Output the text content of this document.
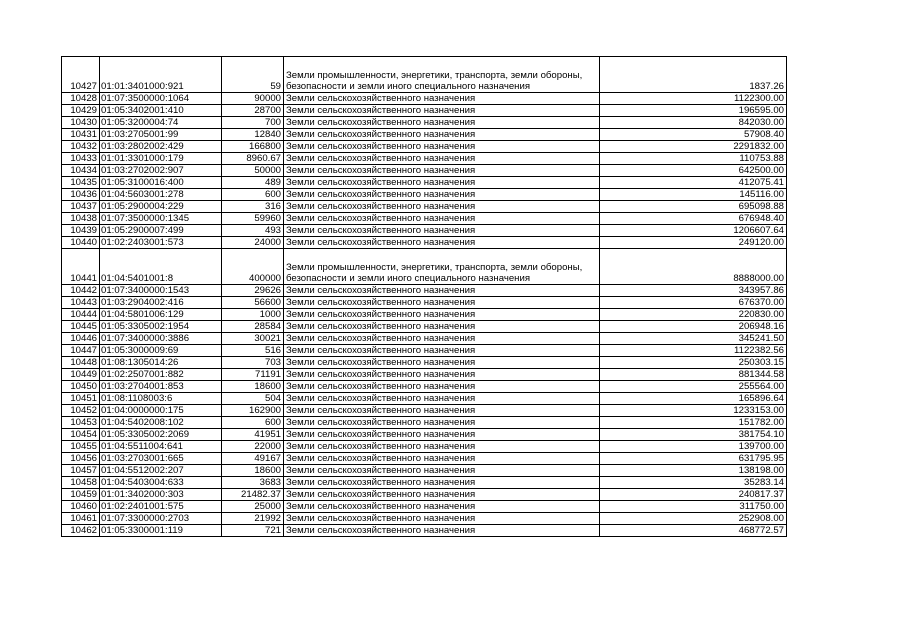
10427	01:01:3401000:921	59	Земли промышленности, энергетики, транспорта, земли обороны, безопасности и земли иного специального назначения	1837.26
10428	01:07:3500000:1064	90000	Земли сельскохозяйственного назначения	1122300.00
10429	01:05:3402001:410	28700	Земли сельскохозяйственного назначения	196595.00
10430	01:05:3200004:74	700	Земли сельскохозяйственного назначения	842030.00
10431	01:03:2705001:99	12840	Земли сельскохозяйственного назначения	57908.40
10432	01:03:2802002:429	166800	Земли сельскохозяйственного назначения	2291832.00
10433	01:01:3301000:179	8960.67	Земли сельскохозяйственного назначения	110753.88
10434	01:03:2702002:907	50000	Земли сельскохозяйственного назначения	642500.00
10435	01:05:3100016:400	489	Земли сельскохозяйственного назначения	412075.41
10436	01:04:5603001:278	600	Земли сельскохозяйственного назначения	145116.00
10437	01:05:2900004:229	316	Земли сельскохозяйственного назначения	695098.88
10438	01:07:3500000:1345	59960	Земли сельскохозяйственного назначения	676948.40
10439	01:05:2900007:499	493	Земли сельскохозяйственного назначения	1206607.64
10440	01:02:2403001:573	24000	Земли сельскохозяйственного назначения	249120.00
10441	01:04:5401001:8	400000	Земли промышленности, энергетики, транспорта, земли обороны, безопасности и земли иного специального назначения	8888000.00
10442	01:07:3400000:1543	29626	Земли сельскохозяйственного назначения	343957.86
10443	01:03:2904002:416	56600	Земли сельскохозяйственного назначения	676370.00
10444	01:04:5801006:129	1000	Земли сельскохозяйственного назначения	220830.00
10445	01:05:3305002:1954	28584	Земли сельскохозяйственного назначения	206948.16
10446	01:07:3400000:3886	30021	Земли сельскохозяйственного назначения	345241.50
10447	01:05:3000009:69	516	Земли сельскохозяйственного назначения	1122382.56
10448	01:08:1305014:26	703	Земли сельскохозяйственного назначения	250303.15
10449	01:02:2507001:882	71191	Земли сельскохозяйственного назначения	881344.58
10450	01:03:2704001:853	18600	Земли сельскохозяйственного назначения	255564.00
10451	01:08:1108003:6	504	Земли сельскохозяйственного назначения	165896.64
10452	01:04:0000000:175	162900	Земли сельскохозяйственного назначения	1233153.00
10453	01:04:5402008:102	600	Земли сельскохозяйственного назначения	151782.00
10454	01:05:3305002:2069	41951	Земли сельскохозяйственного назначения	381754.10
10455	01:04:5511004:641	22000	Земли сельскохозяйственного назначения	139700.00
10456	01:03:2703001:665	49167	Земли сельскохозяйственного назначения	631795.95
10457	01:04:5512002:207	18600	Земли сельскохозяйственного назначения	138198.00
10458	01:04:5403004:633	3683	Земли сельскохозяйственного назначения	35283.14
10459	01:01:3402000:303	21482.37	Земли сельскохозяйственного назначения	240817.37
10460	01:02:2401001:575	25000	Земли сельскохозяйственного назначения	311750.00
10461	01:07:3300000:2703	21992	Земли сельскохозяйственного назначения	252908.00
10462	01:05:3300001:119	721	Земли сельскохозяйственного назначения	468772.57
